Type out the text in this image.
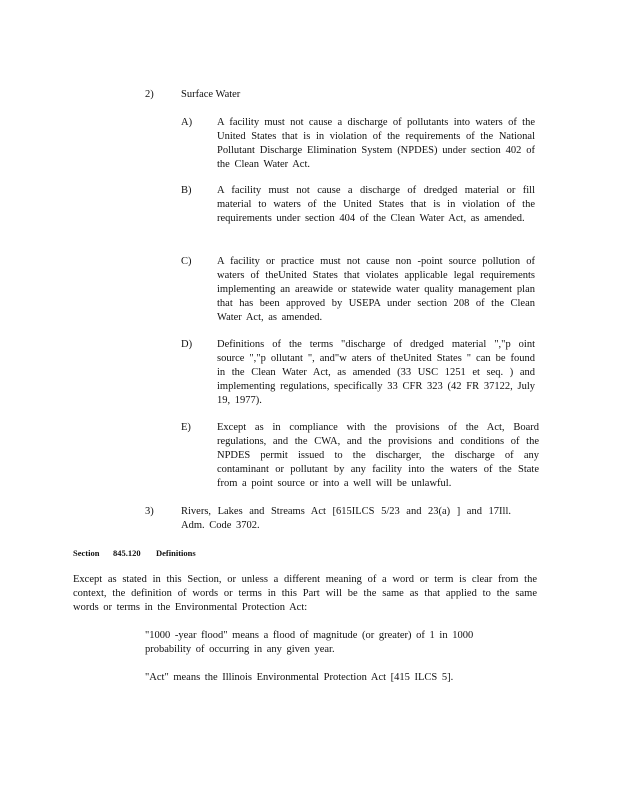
2)	Surface Water
A) A facility must not cause a discharge of pollutants into waters of the United States that is in violation of the requirements of the National Pollutant Discharge Elimination System (NPDES) under section 402 of the Clean Water Act.
B) A facility must not cause a discharge of dredged material or fill material to waters of the United States that is in violation of the requirements under section 404 of the Clean Water Act, as amended.
C) A facility or practice must not cause non -point source pollution of waters of theUnited States that violates applicable legal requirements implementing an areawide or statewide water quality management plan that has been approved by USEPA under section 208 of the Clean Water Act, as amended.
D) Definitions of the terms "discharge of dredged material ","p oint source ","p ollutant ", and"w aters of theUnited States " can be found in the Clean Water Act, as amended (33 USC 1251 et seq. ) and implementing regulations, specifically 33 CFR 323 (42 FR 37122, July 19, 1977).
E) Except as in compliance with the provisions of the Act, Board regulations, and the CWA, and the provisions and conditions of the NPDES permit issued to the discharger, the discharge of any contaminant or pollutant by any facility into the waters of the State from a point source or into a well will be unlawful.
3)	Rivers, Lakes and Streams Act [615ILCS 5/23 and 23(a) ] and 17Ill. Adm. Code 3702.
Section 845.120 Definitions
Except as stated in this Section, or unless a different meaning of a word or term is clear from the context, the definition of words or terms in this Part will be the same as that applied to the same words or terms in the Environmental Protection Act:
"1000 -year flood" means a flood of magnitude (or greater) of 1 in 1000 probability of occurring in any given year.
"Act" means the Illinois Environmental Protection Act [415 ILCS 5].
